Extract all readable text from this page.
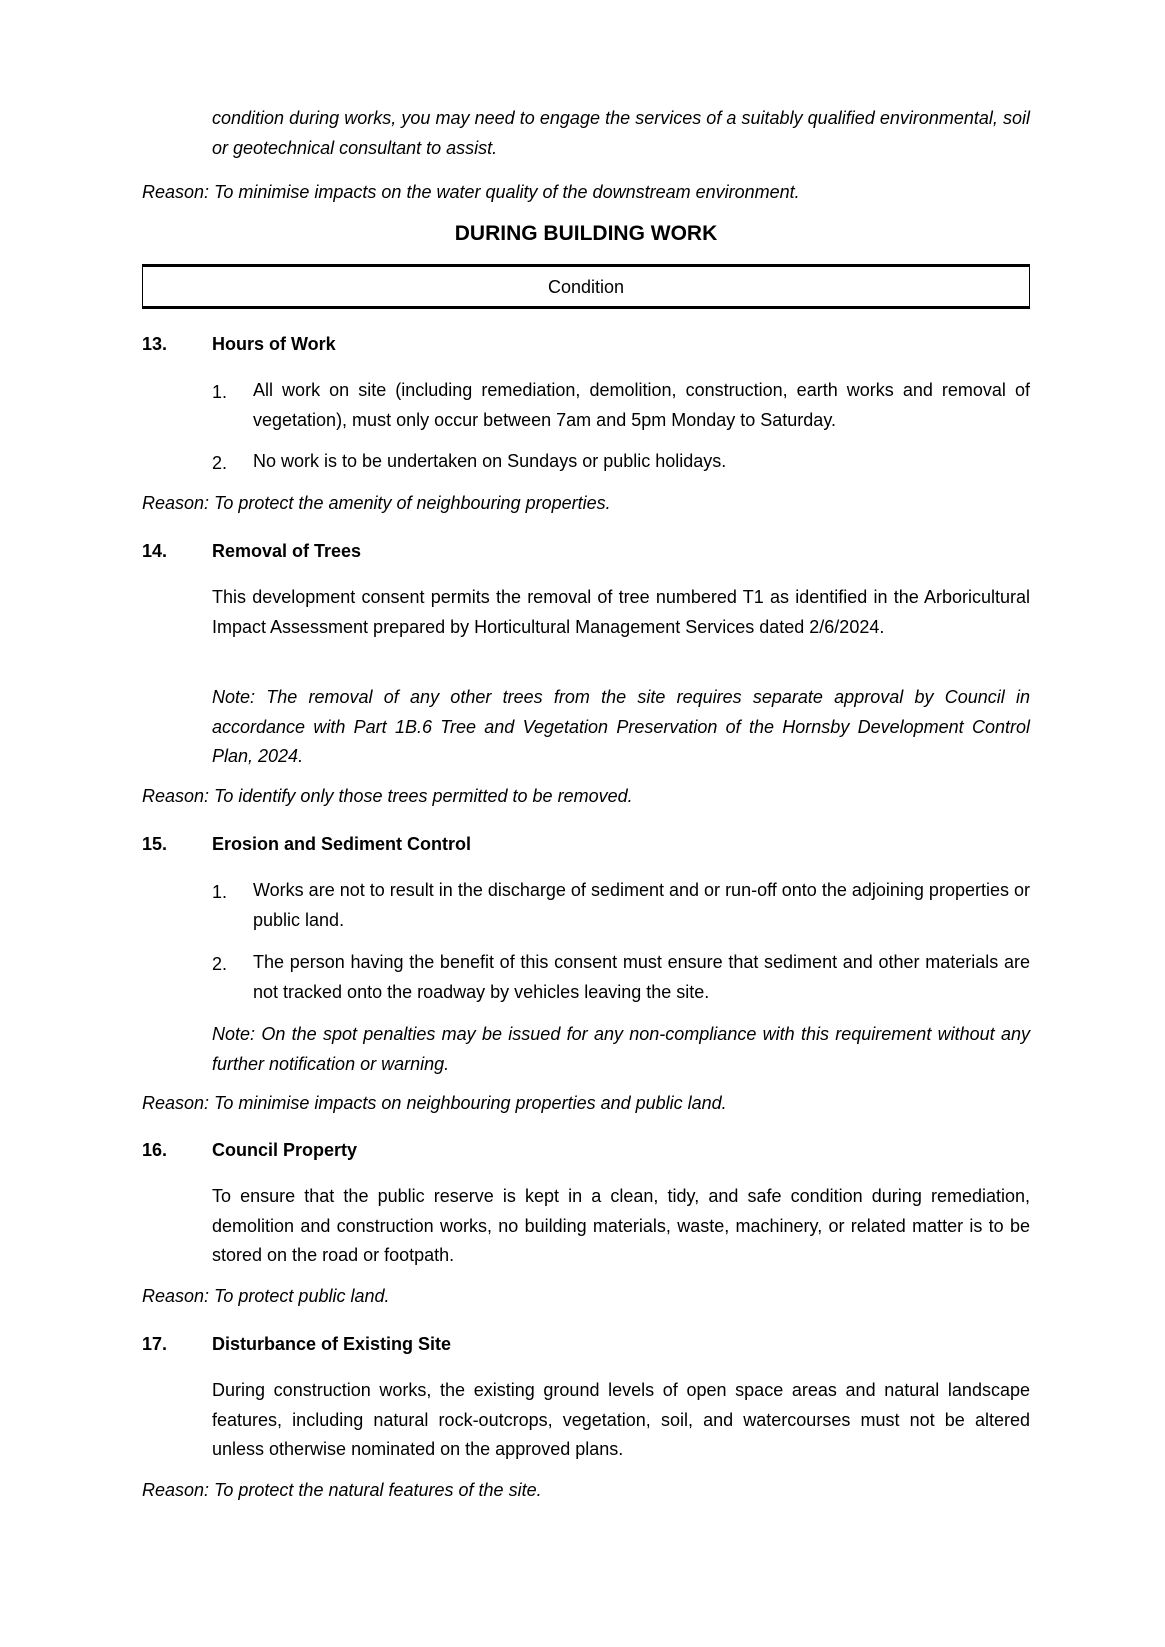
condition during works, you may need to engage the services of a suitably qualified environmental, soil or geotechnical consultant to assist.
Reason: To minimise impacts on the water quality of the downstream environment.
DURING BUILDING WORK
Condition
13. Hours of Work
1. All work on site (including remediation, demolition, construction, earth works and removal of vegetation), must only occur between 7am and 5pm Monday to Saturday.
2. No work is to be undertaken on Sundays or public holidays.
Reason: To protect the amenity of neighbouring properties.
14. Removal of Trees
This development consent permits the removal of tree numbered T1 as identified in the Arboricultural Impact Assessment prepared by Horticultural Management Services dated 2/6/2024.
Note: The removal of any other trees from the site requires separate approval by Council in accordance with Part 1B.6 Tree and Vegetation Preservation of the Hornsby Development Control Plan, 2024.
Reason: To identify only those trees permitted to be removed.
15. Erosion and Sediment Control
1. Works are not to result in the discharge of sediment and or run-off onto the adjoining properties or public land.
2. The person having the benefit of this consent must ensure that sediment and other materials are not tracked onto the roadway by vehicles leaving the site.
Note: On the spot penalties may be issued for any non-compliance with this requirement without any further notification or warning.
Reason: To minimise impacts on neighbouring properties and public land.
16. Council Property
To ensure that the public reserve is kept in a clean, tidy, and safe condition during remediation, demolition and construction works, no building materials, waste, machinery, or related matter is to be stored on the road or footpath.
Reason: To protect public land.
17. Disturbance of Existing Site
During construction works, the existing ground levels of open space areas and natural landscape features, including natural rock-outcrops, vegetation, soil, and watercourses must not be altered unless otherwise nominated on the approved plans.
Reason: To protect the natural features of the site.
